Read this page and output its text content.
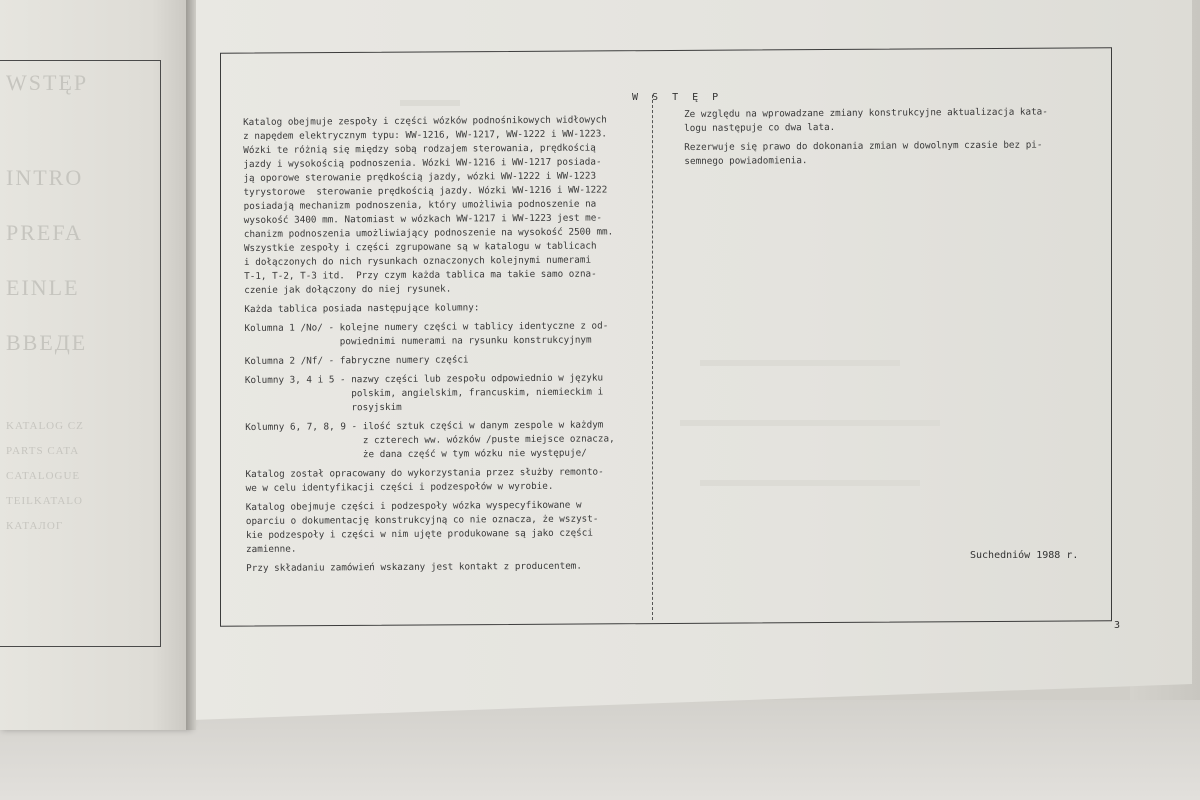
WSTĘP
INTRO
PREFA
EINLE
ВВЕДЕ
KATALOG CZ
PARTS CATA
CATALOGUE
TEILKATALO
КАТАЛОГ
W S T Ę P
Katalog obejmuje zespoły i części wózków podnośnikowych widłowych
z napędem elektrycznym typu: WW-1216, WW-1217, WW-1222 i WW-1223.
Wózki te różnią się między sobą rodzajem sterowania, prędkością
jazdy i wysokością podnoszenia. Wózki WW-1216 i WW-1217 posiada-
ją oporowe sterowanie prędkością jazdy, wózki WW-1222 i WW-1223
tyrystorowe  sterowanie prędkością jazdy. Wózki WW-1216 i WW-1222
posiadają mechanizm podnoszenia, który umożliwia podnoszenie na
wysokość 3400 mm. Natomiast w wózkach WW-1217 i WW-1223 jest me-
chanizm podnoszenia umożliwiający podnoszenie na wysokość 2500 mm.
Wszystkie zespoły i części zgrupowane są w katalogu w tablicach
i dołączonych do nich rysunkach oznaczonych kolejnymi numerami
T-1, T-2, T-3 itd.  Przy czym każda tablica ma takie samo ozna-
czenie jak dołączony do niej rysunek.

Każda tablica posiada następujące kolumny:

Kolumna 1 /No/ - kolejne numery części w tablicy identyczne z od-
powiednimi numerami na rysunku konstrukcyjnym

Kolumna 2 /Nf/ - fabryczne numery części

Kolumny 3, 4 i 5 - nazwy części lub zespołu odpowiednio w języku
polskim, angielskim, francuskim, niemieckim i
rosyjskim

Kolumny 6, 7, 8, 9 - ilość sztuk części w danym zespole w każdym
z czterech ww. wózków /puste miejsce oznacza,
że dana część w tym wózku nie występuje/

Katalog został opracowany do wykorzystania przez służby remonto-
we w celu identyfikacji części i podzespołów w wyrobie.

Katalog obejmuje części i podzespoły wózka wyspecyfikowane w
oparciu o dokumentację konstrukcyjną co nie oznacza, że wszyst-
kie podzespoły i części w nim ujęte produkowane są jako części
zamienne.

Przy składaniu zamówień wskazany jest kontakt z producentem.
Ze względu na wprowadzane zmiany konstrukcyjne aktualizacja kata-
logu następuje co dwa lata.

Rezerwuje się prawo do dokonania zmian w dowolnym czasie bez pi-
semnego powiadomienia.
Suchedniów 1988 r.
3
